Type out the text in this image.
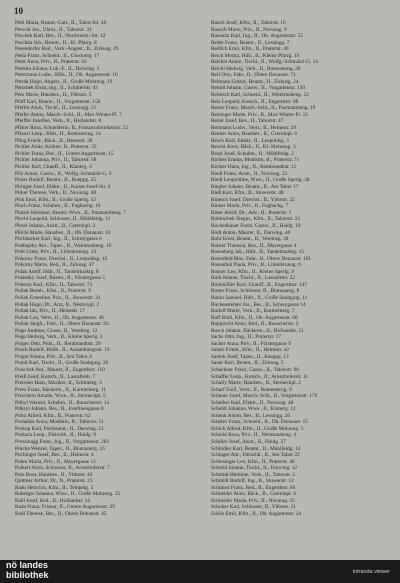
10
Pekl Maria, Beamt.-Gatt., II., Tabor-Str. 46
Perschl Jos., Uhrm., II., Taborstr. 31
Peschek Karl, Bes., II., Nordwestb.-Str. 12
Peschka Joh., Beamt., II., Kl. Pfarrg. 8
Pesendorfer Rud., Verk.-Angest., II., Zirkusg. 29
Pesta Franz, Schneid., II., Glockeng. 17
Peter Anna, Priv., II., Praterstr. 56
Peterka Johann, Lok.-F., II., Darwing. 3
Petermann Ludw., Kfm., II., Ob. Augartenstr. 10
Petrak Hugo, Angest., II., Große Mohreng. 19
Petschek Ernst, Ing., II., Schüttelstr. 43
Petz Marie, Hausbes., II., Ybbsstr. 5
Pfaff Karl, Beamt., II., Vorgartenstr. 158
Pfeffer Alois, Tischl., II., Lessingg. 21
Pfeifer Anton, Masch.-Schl., II., Max-Winter-Pl. 7
Pfeiffer Josefine, Verk., II., Hollandstr. 8
Pfister Rosa, Schneiderin, II., Franzensbrückenstr. 22
Pflanzl Leop., Kfm., II., Rotensterng. 14
Pflug Friedr., Bäck., II., Heinestr. 38
Pichler Alois, Kellner, II., Praterstr. 33
Pichler Franz, Bes., II., Untere Augartenstr. 15
Pichler Johanna, Priv., II., Taborstr. 58
Pichler Karl, Chauff., II., Klanerg. 4
Pilz Anton, Gastw., II., Wolfg.-Schmälzl-G. 9
Pinter Rudolf, Beamt., II., Rueppg. 25
Piringer Josef, Elektr., II., Kaiser-Josef-Str. 6
Pirker Therese, Verk., II., Novarag. 40
Pisk Emil, Kfm., II., Große Sperlg. 12
Plach Franz, Schuhm., II., Fugbachg. 18
Platzer Hermine, Beamt.-Wwe., II., Pazmanitteng. 7
Plechl Leopold, Schlosser, II., Mühlfeldg. 11
Plessl Johann, Anstr., II., Czerninpl. 3
Plöchl Marie, Hausbes., II., Ob. Donaustr. 61
Pöchhacker Karl, Ing., II., Schreygasse 6
Podhajsky Ant., Tapez., II., Weintraubeng. 10
Pohl Grete, Priv., II., Lilienbrunng. 13
Pokorny Franz, Drechsl., II., Leopoldsg. 42
Pokorny Marie, Bed., II., Zirkusg. 47
Polak Adolf, Hdlr., II., Tandelmarktg. 8
Polanský Josef, Beamt., II., Förstergasse 5
Polesny Rud., Kfm., II., Taborstr. 72
Pollak Bernh., Kfm., II., Praterstr. 9
Pollak Ernestine, Priv., II., Stuwerstr. 31
Pollak Hugo, Dr., Arzt, II., Nestroypl. 2
Pollak Ida, Priv., II., Heinestr. 17
Pollak Leo, Vertr., II., Ob. Augartenstr. 46
Pollak Siegfr., Fabr., II., Obere Donaustr. 93
Popp Andreas, Glaser, II., Vereinsg. 12
Popp Hedwig, Verk., II., Kleine Sperlg. 2
Porges Otto, Prok., II., Rembrandtstr. 20
Posch Rudolf, Bildh., II., Ausstellungsstr. 19
Prager Emma, Priv., II., Am Tabor 4
Prantl Karl, Tischl., II., Große Stadtgutg. 26
Praschak Ant., Maurer, II., Engerthstr. 110
Preiß Josef, Kutsch., II., Lassallestr. 7
Preissler Hans, Musiker, II., Schmelzg. 3
Prem Franz, Bäckerm., II., Karmeliterg. 11
Preschern Amalie, Wwe., II., Sterneckpl. 5
Pribyl Wenzel, Schuhm., II., Rauscherstr. 14
Prikryl Johann, Bes., II., Josefinengasse 8
Prinz Alfred, Kfm., II., Praterstr. 62
Prohaska Anna, Modistin, II., Taborstr. 11
Prokop Karl, Postbeamt., II., Darwing. 21
Proksch Leop., Fleischh., II., Haidg. 9
Prossinagg Franz, Ing., II., Vorgartenstr. 203
Prucha Wenzel, Tapez., II., Blumauerg. 16
Puchinger Josef, Bes., II., Heinestr. 4
Puhm Maria, Priv., II., Mayergasse 12
Pulkert Alois, Schlosser, II., Arnezhoferstr. 7
Putz Rosa, Hausbes., II., Ybbsstr. 40
Quittner Arthur, Dr., II., Praterstr. 23
Raab Heinrich, Kfm., II., Tempelg. 3
Raberger Johanna, Wwe., II., Große Mohreng. 35
Rabl Josef, Bed., II., Hollandstr. 14
Rada Franz, Friseur, II., Untere Augartenstr. 29
Radl Therese, Bes., II., Obere Donaustr. 45
Rauch Josef, Kfm., II., Taborstr. 16
Rausch Marie, Priv., II., Novarag. 9
Rausnitz Karl, Ing., II., Ob. Augartenstr. 52
Reder Franz, Beamt., II., Lessingg. 7
Redlich Emil, Kfm., II., Praterstr. 40
Reich Moritz, Hdlr., II., Kleine Pfarrg. 19
Reichel Anton, Tischl., II., Wolfg.-Schmälzl-G. 14
Reichl Hedwig, Verk., II., Rotensterng. 28
Reif Otto, Fabr., II., Obere Donaustr. 71
Reimann Gustav, Beamt., II., Zirkusg. 24
Reindl Johann, Gastw., II., Vorgartenstr. 130
Reinisch Karl, Schneid., II., Weintraubeng. 22
Reis Leopold, Kutsch., II., Engerthstr. 88
Reiser Franz, Masch.-Schl., II., Pazmanitteng. 19
Reisinger Marie, Priv., II., Max-Winter-Pl. 12
Reiter Josef, Bes., II., Taborstr. 47
Reitmann Ludw., Vertr., II., Heinestr. 29
Renner Anna, Hausbes., II., Czerninpl. 6
Resch Karl, Elektr., II., Leopoldsg. 5
Reschl Alois, Bäck., II., Kl. Mohreng. 3
Ressl Josef, Schuhm., II., Mühlfeldg. 2
Richter Emma, Modistin, II., Praterstr. 71
Richter Hans, Ing., II., Rembrandtstr. 11
Riedl Franz, Anstr., II., Novarag. 33
Riedl Leopoldine, Wwe., II., Große Sperlg. 30
Riegler Johann, Beamt., II., Am Tabor 17
Rieß Karl, Kfm., II., Stuwerstr. 48
Rinesch Josef, Drechsl., II., Ybbsstr. 22
Rinner Marie, Priv., II., Fugbachg. 7
Ritter Adolf, Dr., Adv., II., Praterstr. 1
Robitschek Siegm., Kfm., II., Taborstr. 23
Rockenbauer Franz, Gastw., II., Haidg. 18
Rödl Anton, Maurer, II., Darwing. 40
Rohr Ernst, Beamt., II., Vereinsg. 30
Rohrer Theresia, Bes., II., Mayergasse 4
Rosenberg Jak., Hdlr., II., Tandelmarktg. 15
Rosenfeld Max, Fabr., II., Obere Donaustr. 101
Rosenthal Paula, Priv., II., Lilienbrunng. 6
Rosner Leo, Kfm., II., Kleine Sperlg. 9
Roth Johann, Tischl., II., Lassallestr. 22
Rothmüller Karl, Chauff., II., Engerthstr. 147
Rotter Franz, Schlosser, II., Blumauerg. 8
Rubin Samuel, Hdlr., II., Große Stadtgutg. 11
Ruckensteiner Jos., Bes., II., Schreygasse 14
Rudolf Marie, Verk., II., Karmeliterg. 7
Ruff Emil, Kfm., II., Ob. Augartenstr. 60
Rupprecht Alois, Bed., II., Rauscherstr. 3
Rusch Johann, Bäckerm., II., Hollandstr. 21
Sachs Otto, Ing., II., Praterstr. 17
Sacher Anna, Priv., II., Förstergasse 9
Salzer Friedr., Kfm., II., Heinestr. 42
Samek Josef, Tapez., II., Rueppg. 13
Sauer Karl, Beamt., II., Zirkusg. 5
Schachner Franz, Gastw., II., Taborstr. 90
Schaffer Leop., Kutsch., II., Arnezhoferstr. 11
Schally Marie, Hausbes., II., Sterneckpl. 2
Scharf Emil, Vertr., II., Rotensterng. 9
Schauer Josef, Masch.-Schl., II., Vorgartenstr. 176
Scheiber Karl, Elektr., II., Novarag. 48
Scheidl Johanna, Wwe., II., Klanerg. 12
Schenk Anton, Bes., II., Lessingg. 26
Scherer Franz, Schneid., II., Ob. Donaustr. 15
Schick Alfred, Kfm., II., Große Mohreng. 5
Schiebl Rosa, Priv., II., Weintraubeng. 4
Schiller Josef, Anstr., II., Haidg. 27
Schindler Karl, Beamt., II., Mühlfeldg. 14
Schlager Ant., Fleischh., II., Am Tabor 22
Schlesinger Leo, Kfm., II., Praterstr. 48
Schmid Johann, Tischl., II., Darwing. 12
Schmidt Hermine, Verk., II., Taborstr. 5
Schmidt Rudolf, Ing., II., Stuwerstr. 12
Schmied Franz, Bed., II., Engerthstr. 60
Schneider Alois, Bäck., II., Czerninpl. 9
Schneider Marie, Priv., II., Novarag. 15
Schober Karl, Schlosser, II., Ybbsstr. 31
Schön Emil, Kfm., II., Ob. Augartenstr. 24
nö landes
bibliothek	intranda viewer
